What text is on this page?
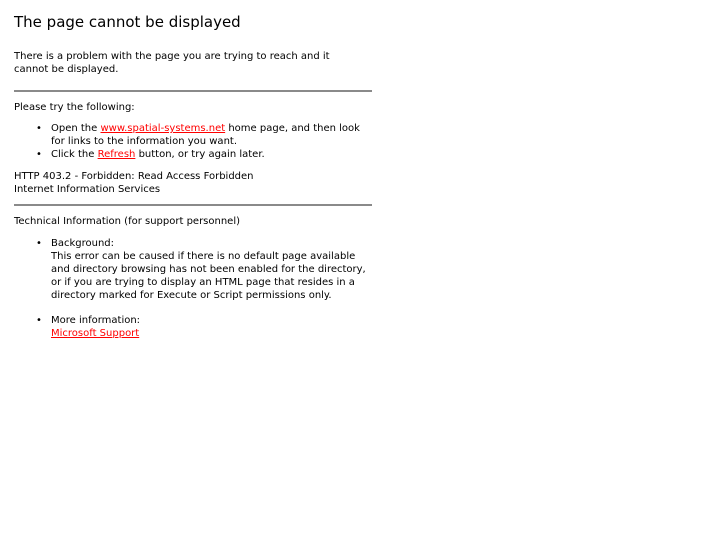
The page cannot be displayed

There is a problem with the page you are trying to reach and it cannot be displayed.

Please try the following:

• Open the www.spatial-systems.net home page, and then look for links to the information you want.
• Click the Refresh button, or try again later.

HTTP 403.2 - Forbidden: Read Access Forbidden

Internet Information Services

Technical Information (for support personnel)

• Background:
This error can be caused if there is no default page available and directory browsing has not been enabled for the directory, or if you are trying to display an HTML page that resides in a directory marked for Execute or Script permissions only.
• More information:
Microsoft Support
